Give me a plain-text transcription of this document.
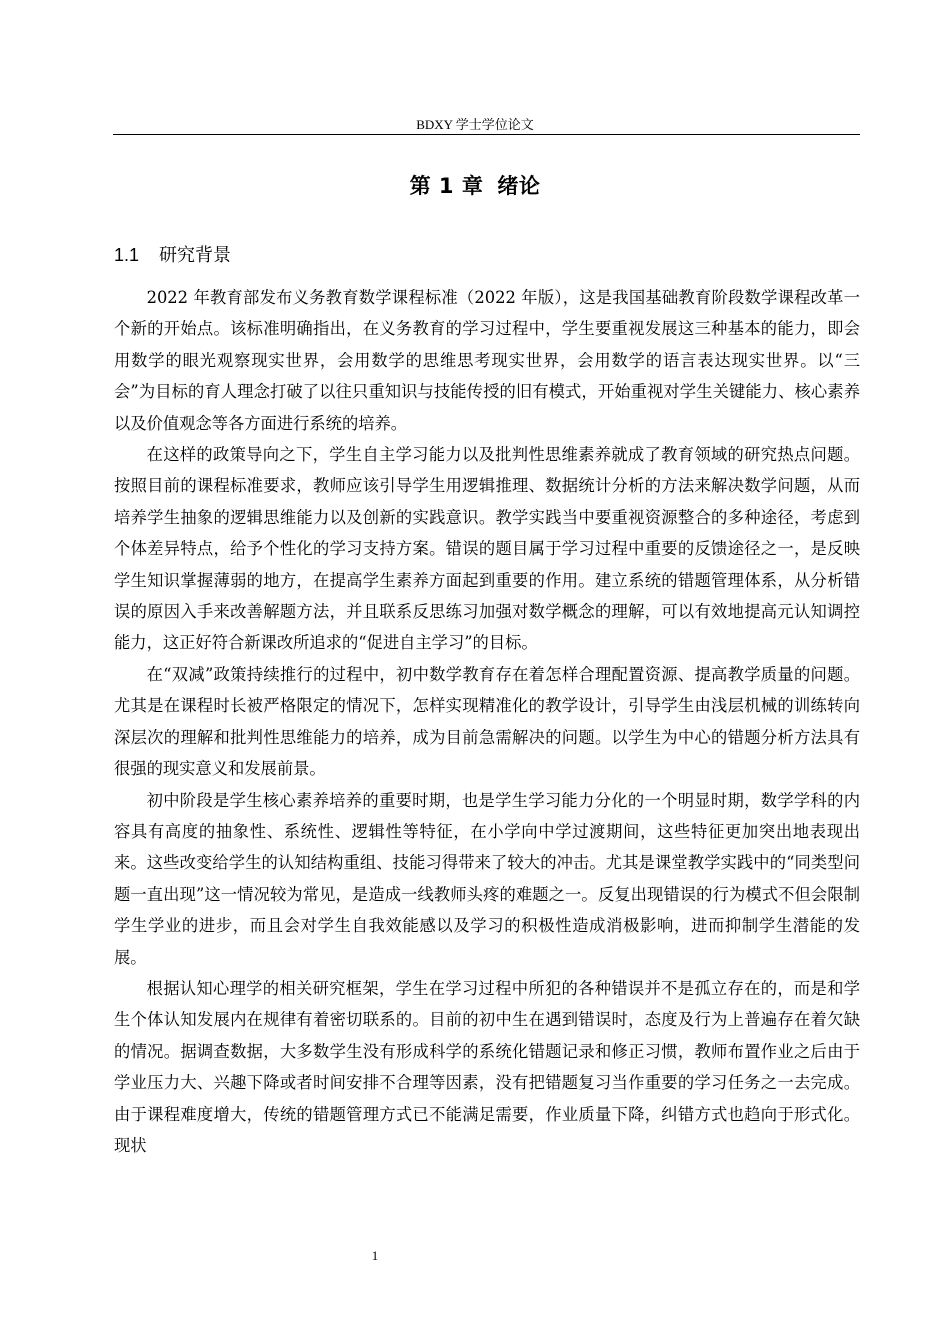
BDXY 学士学位论文
第 1 章 绪论
1.1 研究背景

2022 年教育部发布义务教育数学课程标准（2022 年版），这是我国基础教育阶段数学课程改革一个新的开始点。该标准明确指出，在义务教育的学习过程中，学生要重视发展这三种基本的能力，即会用数学的眼光观察现实世界，会用数学的思维思考现实世界，会用数学的语言表达现实世界。以“三会”为目标的育人理念打破了以往只重知识与技能传授的旧有模式，开始重视对学生关键能力、核心素养以及价值观念等各方面进行系统的培养。

在这样的政策导向之下，学生自主学习能力以及批判性思维素养就成了教育领域的研究热点问题。按照目前的课程标准要求，教师应该引导学生用逻辑推理、数据统计分析的方法来解决数学问题，从而培养学生抽象的逻辑思维能力以及创新的实践意识。教学实践当中要重视资源整合的多种途径，考虑到个体差异特点，给予个性化的学习支持方案。错误的题目属于学习过程中重要的反馈途径之一，是反映学生知识掌握薄弱的地方，在提高学生素养方面起到重要的作用。建立系统的错题管理体系，从分析错误的原因入手来改善解题方法，并且联系反思练习加强对数学概念的理解，可以有效地提高元认知调控能力，这正好符合新课改所追求的“促进自主学习”的目标。

在“双减”政策持续推行的过程中，初中数学教育存在着怎样合理配置资源、提高教学质量的问题。尤其是在课程时长被严格限定的情况下，怎样实现精准化的教学设计，引导学生由浅层机械的训练转向深层次的理解和批判性思维能力的培养，成为目前急需解决的问题。以学生为中心的错题分析方法具有很强的现实意义和发展前景。

初中阶段是学生核心素养培养的重要时期，也是学生学习能力分化的一个明显时期，数学学科的内容具有高度的抽象性、系统性、逻辑性等特征，在小学向中学过渡期间，这些特征更加突出地表现出来。这些改变给学生的认知结构重组、技能习得带来了较大的冲击。尤其是课堂教学实践中的“同类型问题一直出现”这一情况较为常见，是造成一线教师头疼的难题之一。反复出现错误的行为模式不但会限制学生学业的进步，而且会对学生自我效能感以及学习的积极性造成消极影响，进而抑制学生潜能的发展。

根据认知心理学的相关研究框架，学生在学习过程中所犯的各种错误并不是孤立存在的，而是和学生个体认知发展内在规律有着密切联系的。目前的初中生在遇到错误时，态度及行为上普遍存在着欠缺的情况。据调查数据，大多数学生没有形成科学的系统化错题记录和修正习惯，教师布置作业之后由于学业压力大、兴趣下降或者时间安排不合理等因素，没有把错题复习当作重要的学习任务之一去完成。由于课程难度增大，传统的错题管理方式已不能满足需要，作业质量下降，纠错方式也趋向于形式化。现状

1
